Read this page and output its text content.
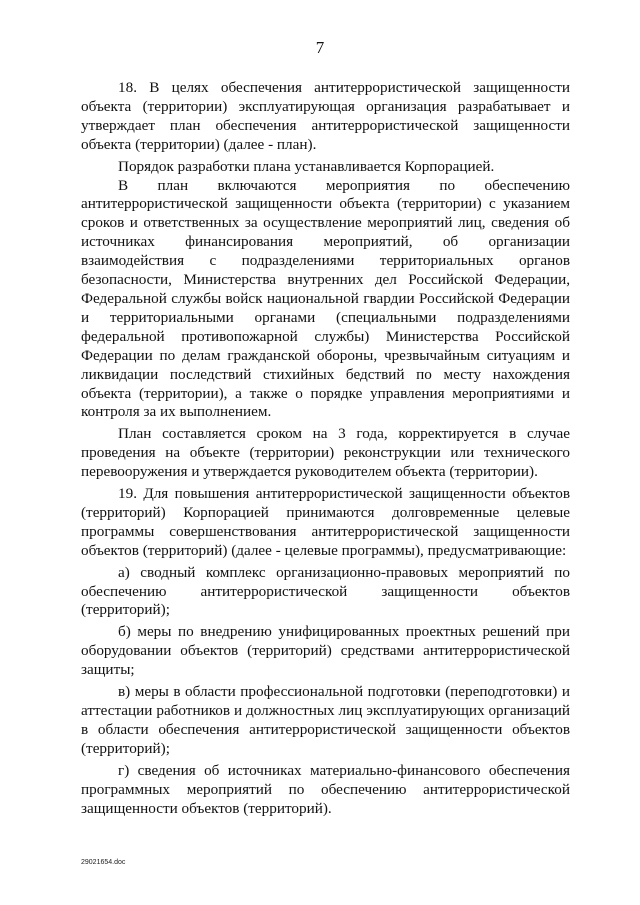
7

18. В целях обеспечения антитеррористической защищенности объекта (территории) эксплуатирующая организация разрабатывает и утверждает план обеспечения антитеррористической защищенности объекта (территории) (далее - план).

Порядок разработки плана устанавливается Корпорацией.

В план включаются мероприятия по обеспечению антитеррористической защищенности объекта (территории) с указанием сроков и ответственных за осуществление мероприятий лиц, сведения об источниках финансирования мероприятий, об организации взаимодействия с подразделениями территориальных органов безопасности, Министерства внутренних дел Российской Федерации, Федеральной службы войск национальной гвардии Российской Федерации и территориальными органами (специальными подразделениями федеральной противопожарной службы) Министерства Российской Федерации по делам гражданской обороны, чрезвычайным ситуациям и ликвидации последствий стихийных бедствий по месту нахождения объекта (территории), а также о порядке управления мероприятиями и контроля за их выполнением.

План составляется сроком на 3 года, корректируется в случае проведения на объекте (территории) реконструкции или технического перевооружения и утверждается руководителем объекта (территории).

19. Для повышения антитеррористической защищенности объектов (территорий) Корпорацией принимаются долговременные целевые программы совершенствования антитеррористической защищенности объектов (территорий) (далее - целевые программы), предусматривающие:

а) сводный комплекс организационно-правовых мероприятий по обеспечению антитеррористической защищенности объектов (территорий);

б) меры по внедрению унифицированных проектных решений при оборудовании объектов (территорий) средствами антитеррористической защиты;

в) меры в области профессиональной подготовки (переподготовки) и аттестации работников и должностных лиц эксплуатирующих организаций в области обеспечения антитеррористической защищенности объектов (территорий);

г) сведения об источниках материально-финансового обеспечения программных мероприятий по обеспечению антитеррористической защищенности объектов (территорий).

29021654.doc
